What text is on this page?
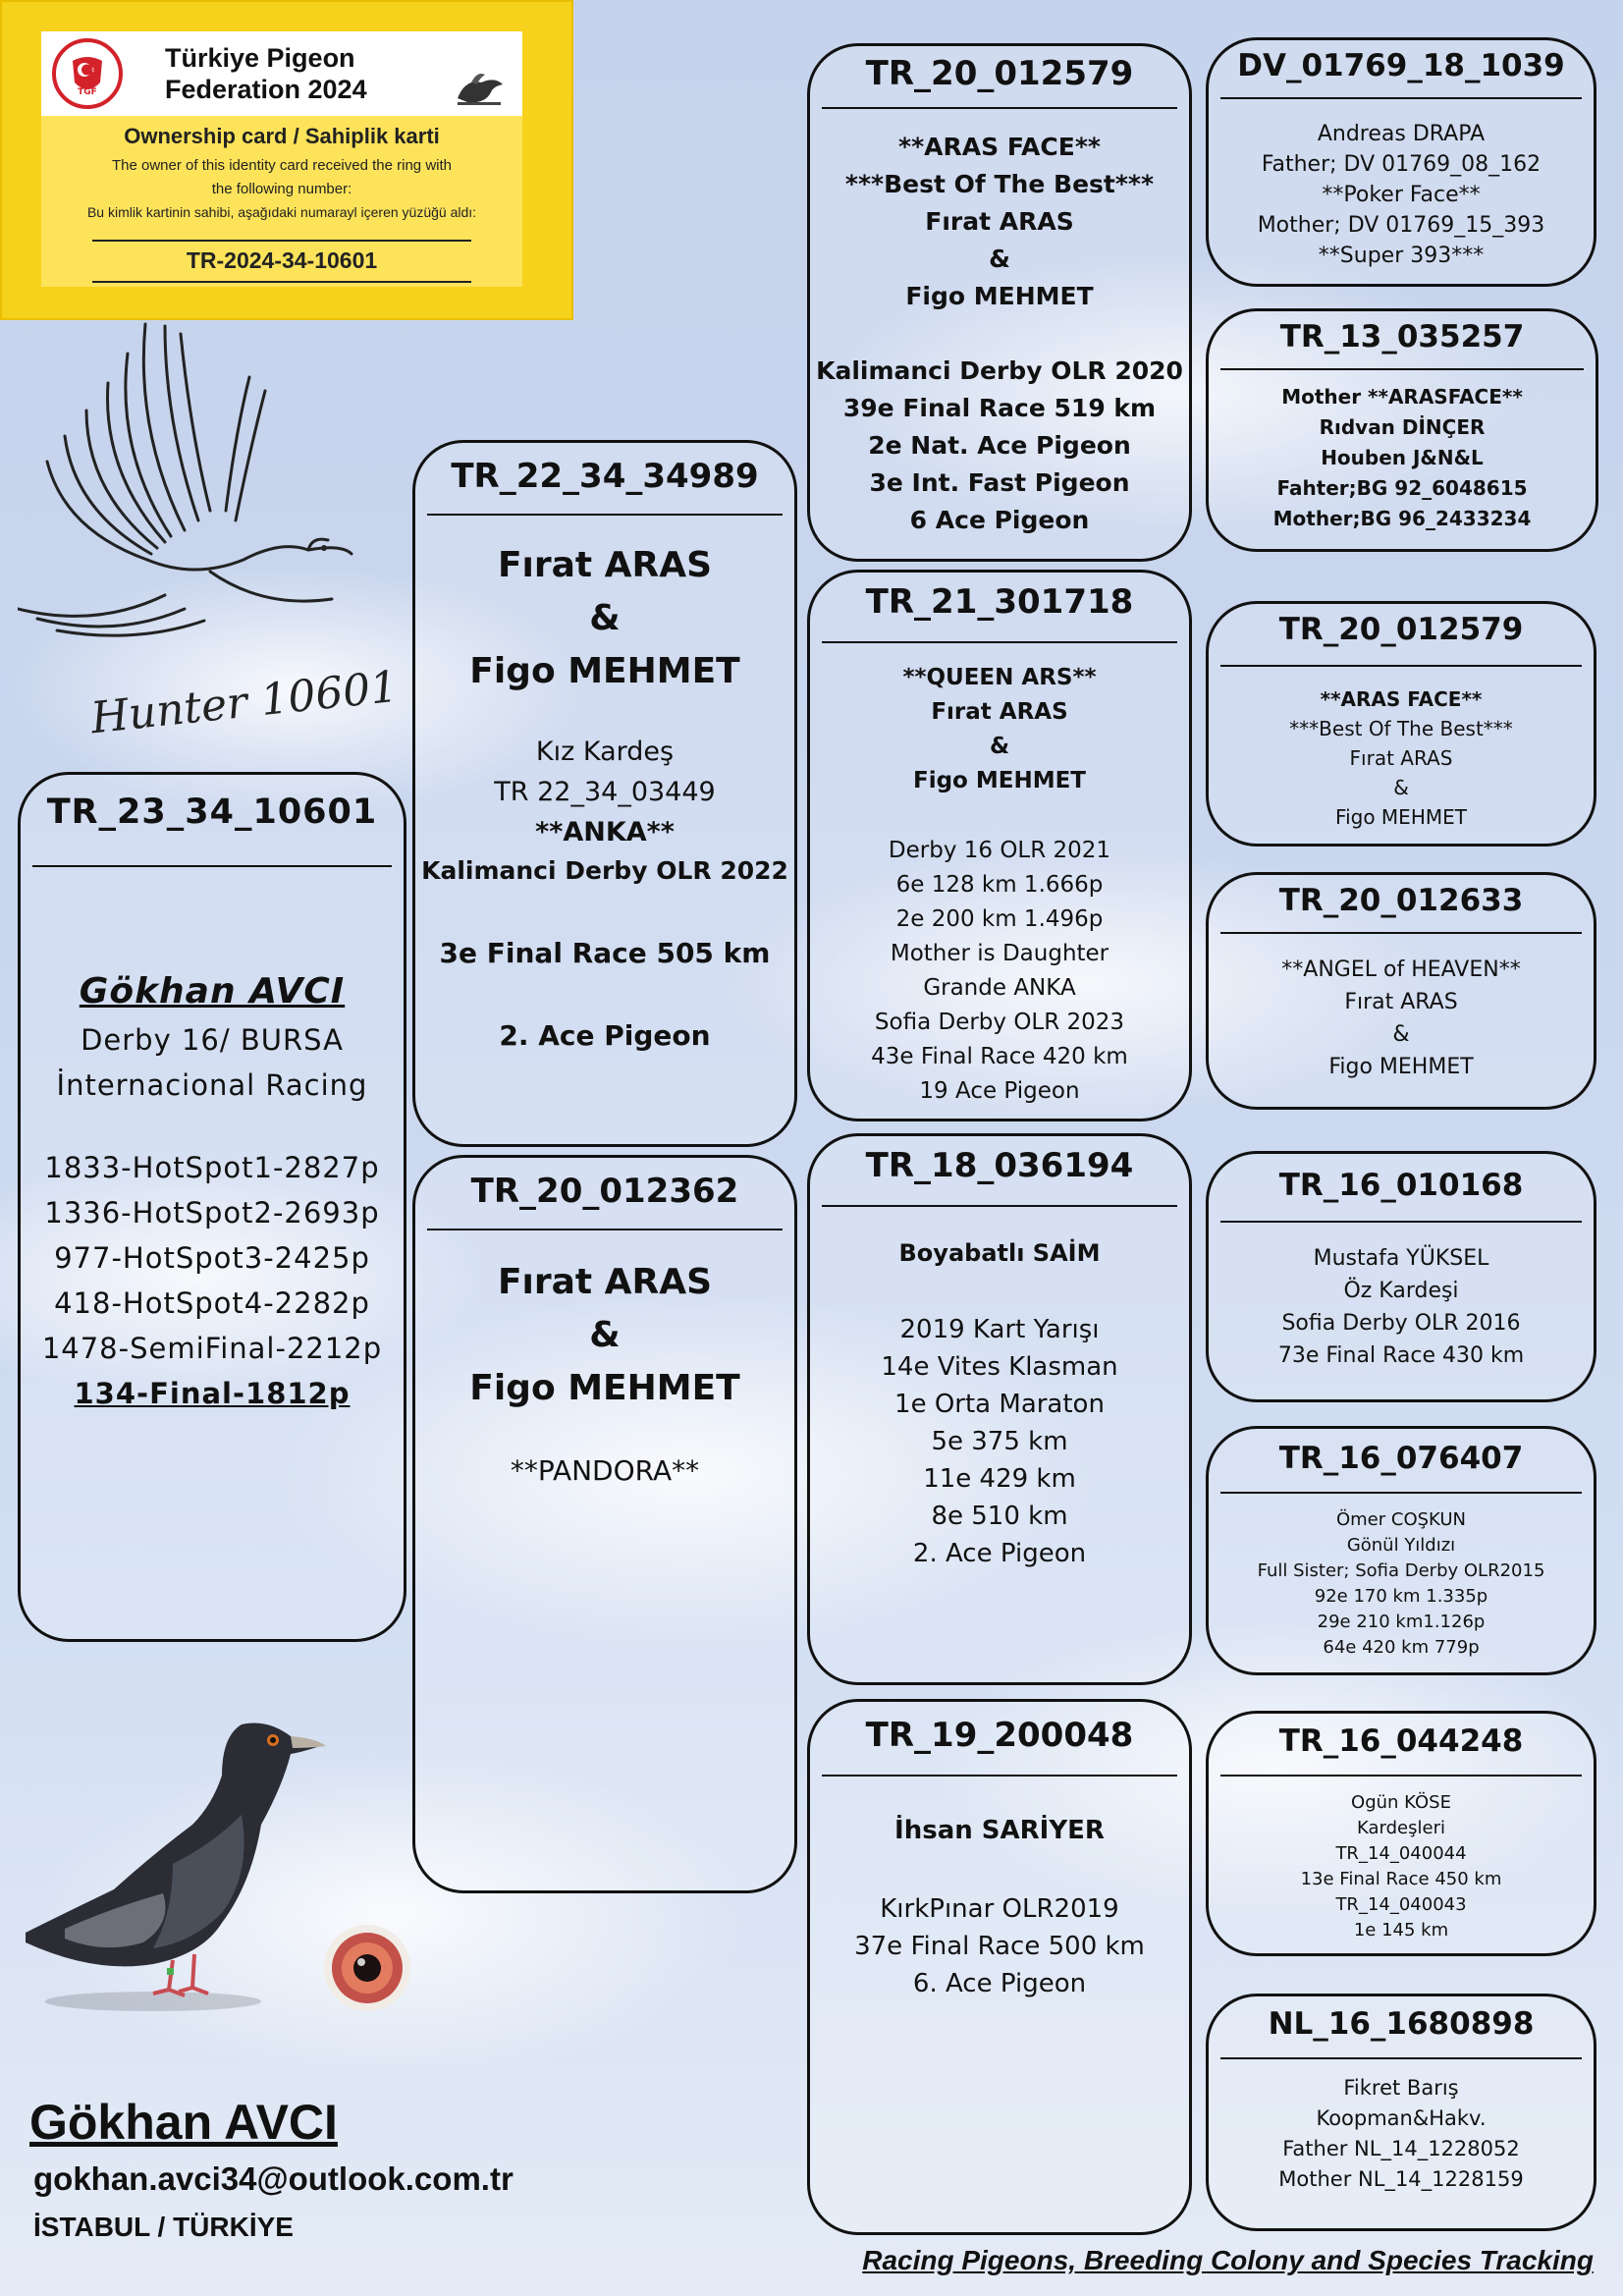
TGF
Türkiye Pigeon
Federation 2024
Ownership card / Sahiplik karti
The owner of this identity card received the ring with
the following number:
Bu kimlik kartinin sahibi, aşağıdaki numarayl içeren yüzüğü aldı:
TR-2024-34-10601
Hunter 10601
TR_23_34_10601
Gökhan AVCI
Derby 16/ BURSA
İnternacional Racing
1833-HotSpot1-2827p
1336-HotSpot2-2693p
977-HotSpot3-2425p
418-HotSpot4-2282p
1478-SemiFinal-2212p
134-Final-1812p
Gökhan AVCI
gokhan.avci34@outlook.com.tr
İSTABUL / TÜRKİYE
TR_22_34_34989
Fırat ARAS
&
Figo MEHMET
Kız Kardeş
TR 22_34_03449
**ANKA**
Kalimanci Derby OLR 2022
3e Final Race 505 km
2. Ace Pigeon
TR_20_012362
Fırat ARAS
&
Figo MEHMET
**PANDORA**
TR_20_012579
**ARAS FACE**
***Best Of The Best***
Fırat ARAS
&
Figo MEHMET
Kalimanci Derby OLR 2020
39e Final Race 519 km
2e Nat. Ace Pigeon
3e Int. Fast Pigeon
6 Ace Pigeon
TR_21_301718
**QUEEN ARS**
Fırat ARAS
&
Figo MEHMET
Derby 16 OLR 2021
6e 128 km 1.666p
2e 200 km 1.496p
Mother is Daughter
Grande ANKA
Sofia Derby OLR 2023
43e Final Race 420 km
19 Ace Pigeon
TR_18_036194
Boyabatlı SAİM
2019 Kart Yarışı
14e Vites Klasman
1e Orta Maraton
5e 375 km
11e 429 km
8e 510 km
2. Ace Pigeon
TR_19_200048
İhsan SARİYER
KırkPınar OLR2019
37e Final Race 500 km
6. Ace Pigeon
DV_01769_18_1039
Andreas DRAPA
Father; DV 01769_08_162
**Poker Face**
Mother; DV 01769_15_393
**Super 393***
TR_13_035257
Mother **ARASFACE**
Rıdvan DİNÇER
Houben J&N&L
Fahter;BG 92_6048615
Mother;BG 96_2433234
TR_20_012579
**ARAS FACE**
***Best Of The Best***
Fırat ARAS
&
Figo MEHMET
TR_20_012633
**ANGEL of HEAVEN**
Fırat ARAS
&
Figo MEHMET
TR_16_010168
Mustafa YÜKSEL
Öz Kardeşi
Sofia Derby OLR 2016
73e Final Race 430 km
TR_16_076407
Ömer COŞKUN
Gönül Yıldızı
Full Sister; Sofia Derby OLR2015
92e 170 km 1.335p
29e 210 km1.126p
64e 420 km 779p
TR_16_044248
Ogün KÖSE
Kardeşleri
TR_14_040044
13e Final Race 450 km
TR_14_040043
1e 145 km
NL_16_1680898
Fikret Barış
Koopman&Hakv.
Father NL_14_1228052
Mother NL_14_1228159
Racing Pigeons, Breeding Colony and Species Tracking
